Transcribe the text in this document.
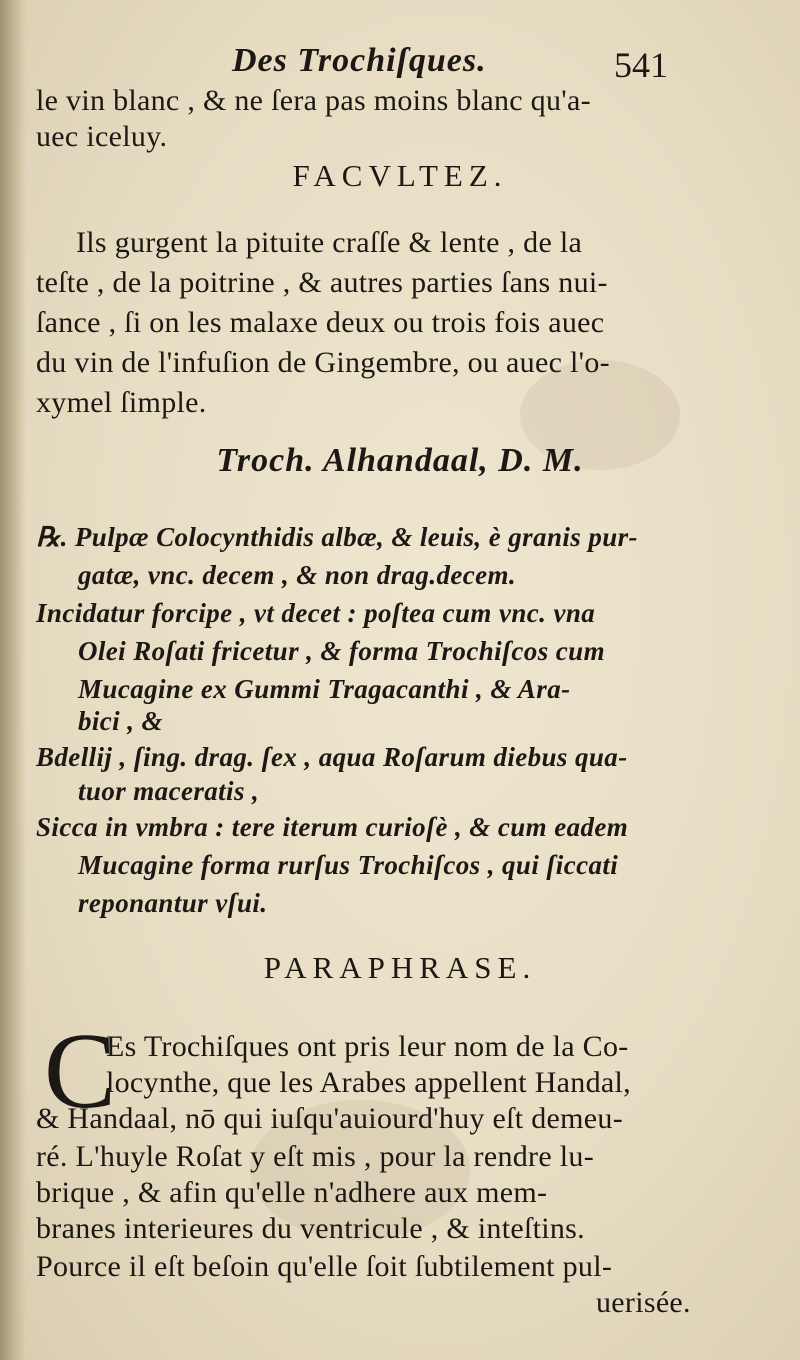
Des Trochiſques.	541
le vin blanc , & ne ſera pas moins blanc qu'a-
uec iceluy.
FACVLTEZ.
Ils gurgent la pituite craſſe & lente , de la
teſte , de la poitrine , & autres parties ſans nui-
ſance , ſi on les malaxe deux ou trois fois auec
du vin de l'infuſion de Gingembre, ou auec l'o-
xymel ſimple.
Troch. Alhandaal, D. M.
℞. Pulpæ Colocynthidis albæ, & leuis, è granis pur-
gatæ, vnc. decem , & non drag.decem.
Incidatur forcipe , vt decet : poſtea cum vnc. vna
Olei Roſati fricetur , & forma Trochiſcos cum
Mucagine ex Gummi Tragacanthi , & Ara-
bici , &
Bdellij , ſing. drag. ſex , aqua Roſarum diebus qua-
tuor maceratis ,
Sicca in vmbra : tere iterum curioſè , & cum eadem
Mucagine forma rurſus Trochiſcos , qui ſiccati
reponantur vſui.
PARAPHRASE.
C
Es Trochiſques ont pris leur nom de la Co-
locynthe, que les Arabes appellent Handal,
& Handaal, nō qui iuſqu'auiourd'huy eſt demeu-
ré. L'huyle Roſat y eſt mis , pour la rendre lu-
brique , & afin qu'elle n'adhere aux mem-
branes interieures du ventricule , & inteſtins.
Pource il eſt beſoin qu'elle ſoit ſubtilement pul-
uerisée.
